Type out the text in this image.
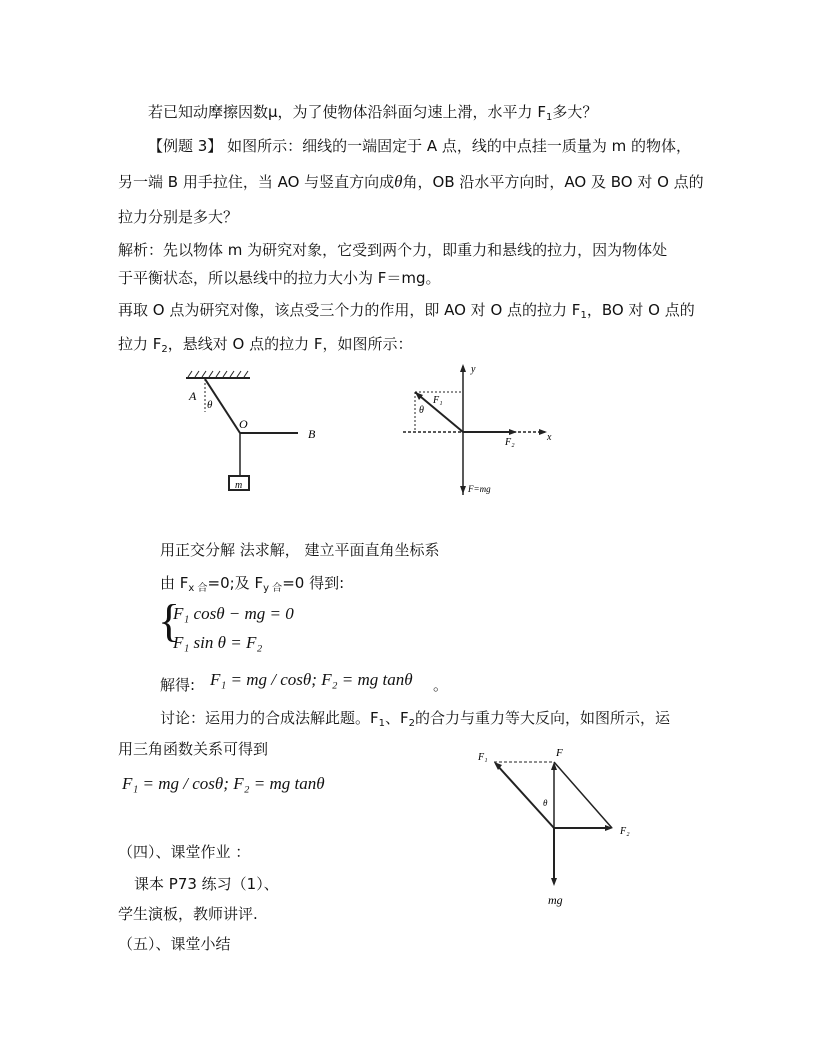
若已知动摩擦因数μ，为了使物体沿斜面匀速上滑，水平力 $F_1$多大？
【例题 3】 如图所示：细线的一端固定于 A 点，线的中点挂一质量为 m 的物体，
另一端 B 用手拉住，当 AO 与竖直方向成θ角，OB 沿水平方向时，AO 及 BO 对 O 点的
拉力分别是多大？
解析：先以物体 m 为研究对象，它受到两个力，即重力和悬线的拉力，因为物体处
于平衡状态，所以悬线中的拉力大小为 F＝mg。
再取 O 点为研究对像，该点受三个力的作用，即 AO 对 O 点的拉力 $F_1$，BO 对 O 点的
拉力 $F_2$，悬线对 O 点的拉力 F，如图所示：
A
θ
O
B
m
y
x
F₁
θ
F₂
F=mg
用正交分解 法求解， 建立平面直角坐标系
由 $F_{x 合}=0$;及 $F_{y 合}=0$ 得到:
{
F₁ cosθ − mg = 0
F₁ sin θ = F₂
解得: F₁ = mg / cosθ; F₂ = mg tanθ 。
讨论：运用力的合成法解此题。$F_1$、$F_2$的合力与重力等大反向，如图所示，运
用三角函数关系可得到
F₁ = mg / cosθ; F₂ = mg tanθ
F₁	F
θ
F₂
mg
（四）、课堂作业 ：
课本 P73 练习（1）、
学生演板，教师讲评.
（五）、课堂小结
